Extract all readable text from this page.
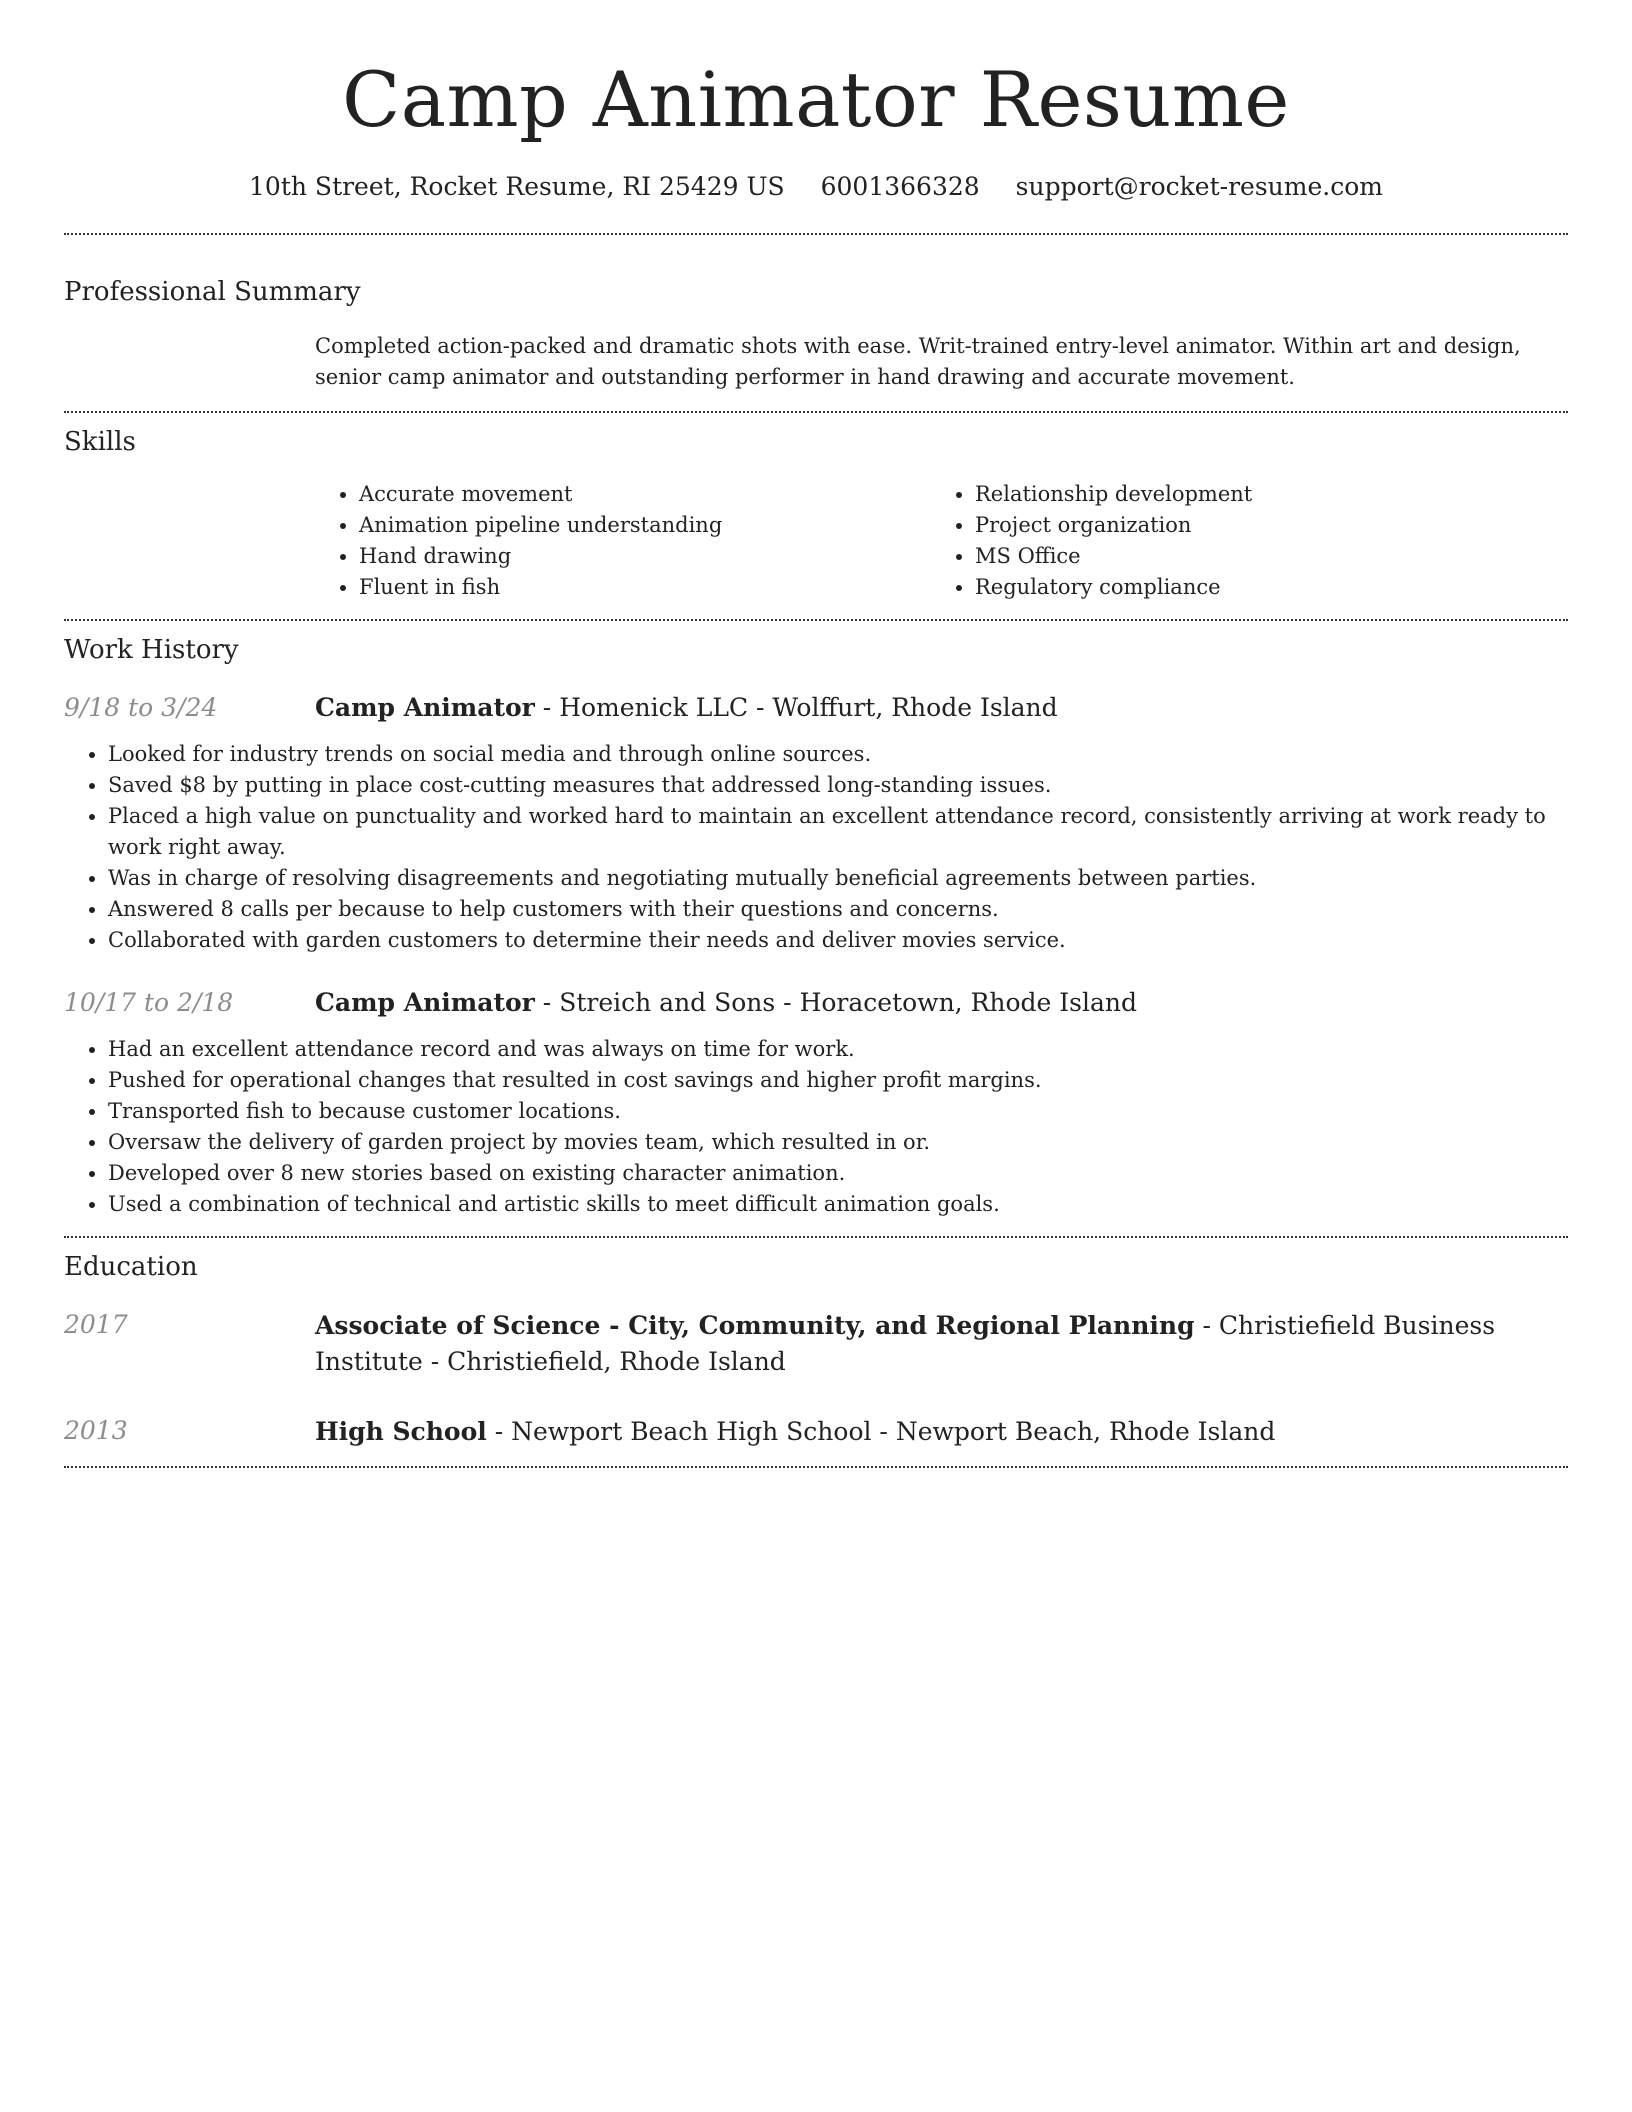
Camp Animator Resume
10th Street, Rocket Resume, RI 25429 US 6001366328 support@rocket-resume.com
Professional Summary
Completed action-packed and dramatic shots with ease. Writ-trained entry-level animator. Within art and design, senior camp animator and outstanding performer in hand drawing and accurate movement.
Skills
• Accurate movement
• Animation pipeline understanding
• Hand drawing
• Fluent in fish
• Relationship development
• Project organization
• MS Office
• Regulatory compliance
Work History
9/18 to 3/24	Camp Animator - Homenick LLC - Wolffurt, Rhode Island
• Looked for industry trends on social media and through online sources.
• Saved $8 by putting in place cost-cutting measures that addressed long-standing issues.
• Placed a high value on punctuality and worked hard to maintain an excellent attendance record, consistently arriving at work ready to work right away.
• Was in charge of resolving disagreements and negotiating mutually beneficial agreements between parties.
• Answered 8 calls per because to help customers with their questions and concerns.
• Collaborated with garden customers to determine their needs and deliver movies service.
10/17 to 2/18	Camp Animator - Streich and Sons - Horacetown, Rhode Island
• Had an excellent attendance record and was always on time for work.
• Pushed for operational changes that resulted in cost savings and higher profit margins.
• Transported fish to because customer locations.
• Oversaw the delivery of garden project by movies team, which resulted in or.
• Developed over 8 new stories based on existing character animation.
• Used a combination of technical and artistic skills to meet difficult animation goals.
Education
2017	Associate of Science - City, Community, and Regional Planning - Christiefield Business Institute - Christiefield, Rhode Island
2013	High School - Newport Beach High School - Newport Beach, Rhode Island
